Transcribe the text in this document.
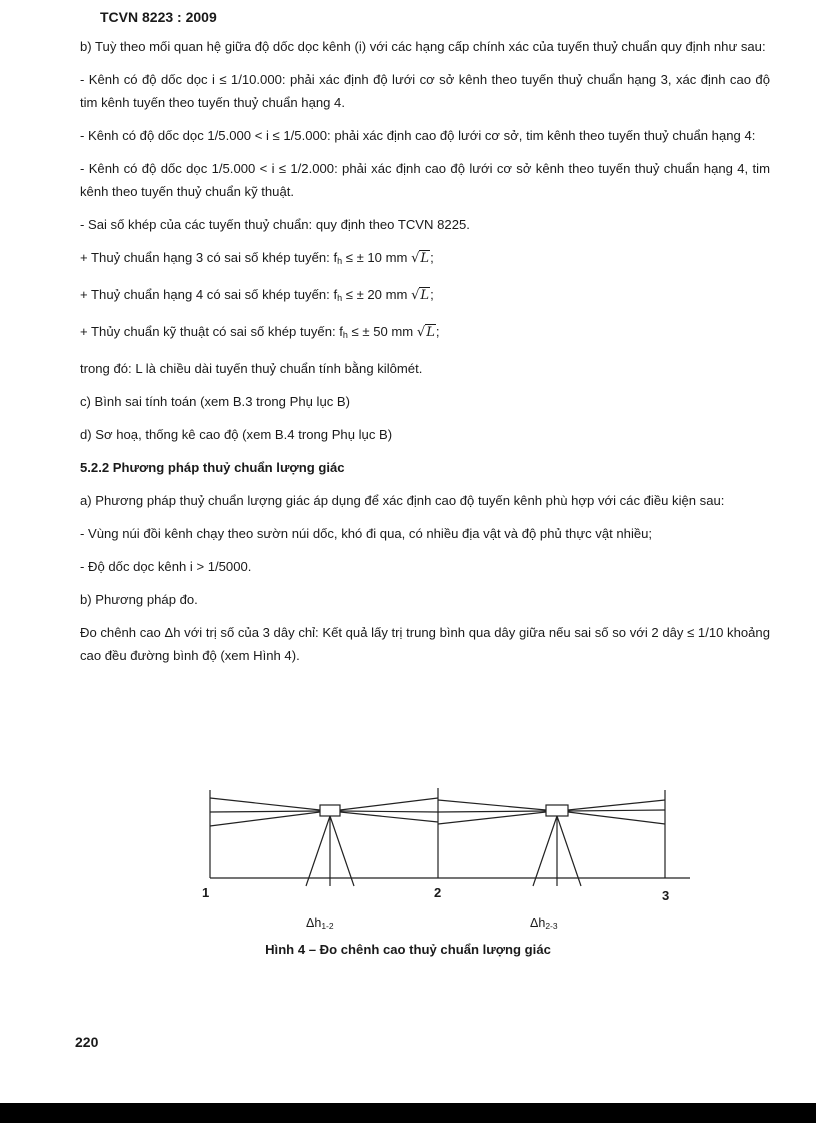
TCVN 8223 : 2009

b) Tuỳ theo mối quan hệ giữa độ dốc dọc kênh (i) với các hạng cấp chính xác của tuyến thuỷ chuẩn quy định như sau:

- Kênh có độ dốc dọc i ≤ 1/10.000: phải xác định độ lưới cơ sở kênh theo tuyến thuỷ chuẩn hạng 3, xác định cao độ tim kênh tuyến theo tuyến thuỷ chuẩn hạng 4.

- Kênh có độ dốc dọc 1/5.000 < i ≤ 1/5.000: phải xác định cao độ lưới cơ sở, tim kênh theo tuyến thuỷ chuẩn hạng 4:

- Kênh có độ dốc dọc 1/5.000 < i ≤ 1/2.000: phải xác định cao độ lưới cơ sở kênh theo tuyến thuỷ chuẩn hạng 4, tim kênh theo tuyến thuỷ chuẩn kỹ thuật.

- Sai số khép của các tuyến thuỷ chuẩn: quy định theo TCVN 8225.

+ Thuỷ chuẩn hạng 3 có sai số khép tuyến: $f_h$ ≤ ± 10 mm √L;

+ Thuỷ chuẩn hạng 4 có sai số khép tuyến: $f_h$ ≤ ± 20 mm √L;

+ Thủy chuẩn kỹ thuật có sai số khép tuyến: $f_h$ ≤ ± 50 mm √L;

trong đó: L là chiều dài tuyến thuỷ chuẩn tính bằng kilômét.

c) Bình sai tính toán (xem B.3 trong Phụ lục B)

d) Sơ hoạ, thống kê cao độ (xem B.4 trong Phụ lục B)

5.2.2 Phương pháp thuỷ chuẩn lượng giác

a) Phương pháp thuỷ chuẩn lượng giác áp dụng để xác định cao độ tuyến kênh phù hợp với các điều kiện sau:

- Vùng núi đồi kênh chạy theo sườn núi dốc, khó đi qua, có nhiều địa vật và độ phủ thực vật nhiều;

- Độ dốc dọc kênh i > 1/5000.

b) Phương pháp đo.

Đo chênh cao Δh với trị số của 3 dây chỉ: Kết quả lấy trị trung bình qua dây giữa nếu sai số so với 2 dây ≤ 1/10 khoảng cao đều đường bình độ (xem Hình 4).

1	2	3
Δh1-2	Δh2-3
Hình 4 – Đo chênh cao thuỷ chuẩn lượng giác
220
